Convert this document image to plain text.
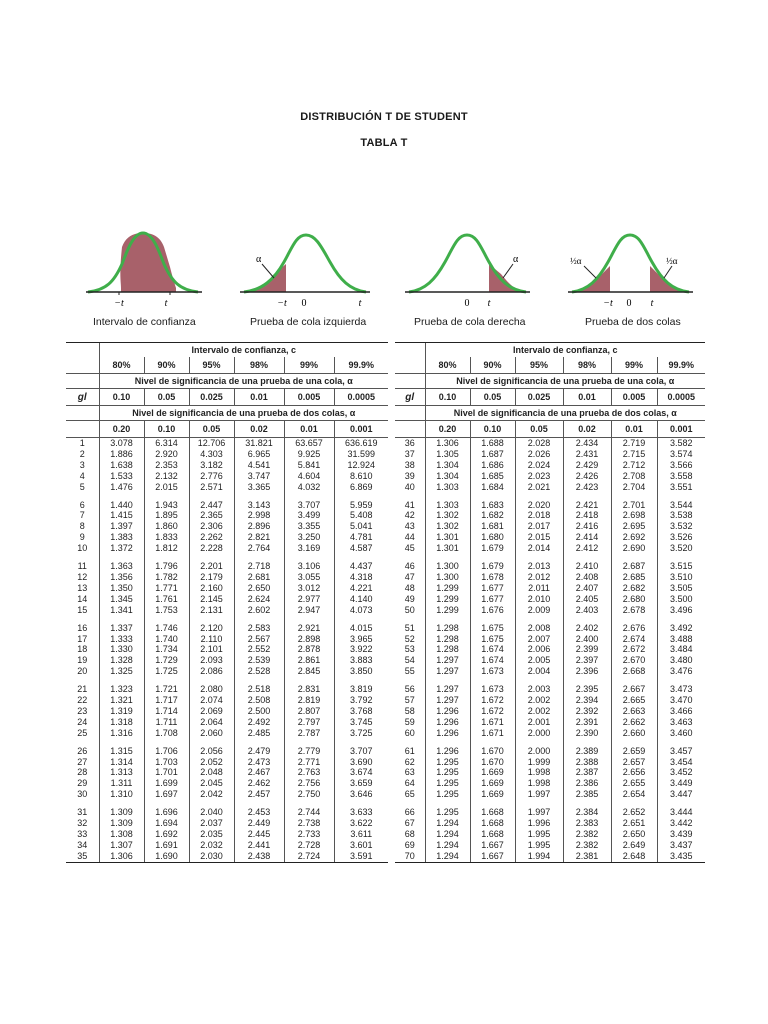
DISTRIBUCIÓN T DE STUDENT
TABLA T
−t	t
Intervalo de confianza
α
−t 0	t
Prueba de cola izquierda
α
0 t
Prueba de cola derecha
½α	½α
−t 0 t
Prueba de dos colas
	Intervalo de confianza, c					
	80%	90%	95%	98%	99%	99.9%
	Nivel de significancia de una prueba de una cola, α					
gl	0.10	0.05	0.025	0.01	0.005	0.0005
	Nivel de significancia de una prueba de dos colas, α					
	0.20	0.10	0.05	0.02	0.01	0.001
1	3.078	6.314	12.706	31.821	63.657	636.619
2	1.886	2.920	4.303	6.965	9.925	31.599
3	1.638	2.353	3.182	4.541	5.841	12.924
4	1.533	2.132	2.776	3.747	4.604	8.610
5	1.476	2.015	2.571	3.365	4.032	6.869

6	1.440	1.943	2.447	3.143	3.707	5.959
7	1.415	1.895	2.365	2.998	3.499	5.408
8	1.397	1.860	2.306	2.896	3.355	5.041
9	1.383	1.833	2.262	2.821	3.250	4.781
10	1.372	1.812	2.228	2.764	3.169	4.587

11	1.363	1.796	2.201	2.718	3.106	4.437
12	1.356	1.782	2.179	2.681	3.055	4.318
13	1.350	1.771	2.160	2.650	3.012	4.221
14	1.345	1.761	2.145	2.624	2.977	4.140
15	1.341	1.753	2.131	2.602	2.947	4.073

16	1.337	1.746	2.120	2.583	2.921	4.015
17	1.333	1.740	2.110	2.567	2.898	3.965
18	1.330	1.734	2.101	2.552	2.878	3.922
19	1.328	1.729	2.093	2.539	2.861	3.883
20	1.325	1.725	2.086	2.528	2.845	3.850

21	1.323	1.721	2.080	2.518	2.831	3.819
22	1.321	1.717	2.074	2.508	2.819	3.792
23	1.319	1.714	2.069	2.500	2.807	3.768
24	1.318	1.711	2.064	2.492	2.797	3.745
25	1.316	1.708	2.060	2.485	2.787	3.725

26	1.315	1.706	2.056	2.479	2.779	3.707
27	1.314	1.703	2.052	2.473	2.771	3.690
28	1.313	1.701	2.048	2.467	2.763	3.674
29	1.311	1.699	2.045	2.462	2.756	3.659
30	1.310	1.697	2.042	2.457	2.750	3.646

31	1.309	1.696	2.040	2.453	2.744	3.633
32	1.309	1.694	2.037	2.449	2.738	3.622
33	1.308	1.692	2.035	2.445	2.733	3.611
34	1.307	1.691	2.032	2.441	2.728	3.601
35	1.306	1.690	2.030	2.438	2.724	3.591
	Intervalo de confianza, c					
	80%	90%	95%	98%	99%	99.9%
	Nivel de significancia de una prueba de una cola, α					
gl	0.10	0.05	0.025	0.01	0.005	0.0005
	Nivel de significancia de una prueba de dos colas, α					
	0.20	0.10	0.05	0.02	0.01	0.001
36	1.306	1.688	2.028	2.434	2.719	3.582
37	1.305	1.687	2.026	2.431	2.715	3.574
38	1.304	1.686	2.024	2.429	2.712	3.566
39	1.304	1.685	2.023	2.426	2.708	3.558
40	1.303	1.684	2.021	2.423	2.704	3.551

41	1.303	1.683	2.020	2.421	2.701	3.544
42	1.302	1.682	2.018	2.418	2.698	3.538
43	1.302	1.681	2.017	2.416	2.695	3.532
44	1.301	1.680	2.015	2.414	2.692	3.526
45	1.301	1.679	2.014	2.412	2.690	3.520

46	1.300	1.679	2.013	2.410	2.687	3.515
47	1.300	1.678	2.012	2.408	2.685	3.510
48	1.299	1.677	2.011	2.407	2.682	3.505
49	1.299	1.677	2.010	2.405	2.680	3.500
50	1.299	1.676	2.009	2.403	2.678	3.496

51	1.298	1.675	2.008	2.402	2.676	3.492
52	1.298	1.675	2.007	2.400	2.674	3.488
53	1.298	1.674	2.006	2.399	2.672	3.484
54	1.297	1.674	2.005	2.397	2.670	3.480
55	1.297	1.673	2.004	2.396	2.668	3.476

56	1.297	1.673	2.003	2.395	2.667	3.473
57	1.297	1.672	2.002	2.394	2.665	3.470
58	1.296	1.672	2.002	2.392	2.663	3.466
59	1.296	1.671	2.001	2.391	2.662	3.463
60	1.296	1.671	2.000	2.390	2.660	3.460

61	1.296	1.670	2.000	2.389	2.659	3.457
62	1.295	1.670	1.999	2.388	2.657	3.454
63	1.295	1.669	1.998	2.387	2.656	3.452
64	1.295	1.669	1.998	2.386	2.655	3.449
65	1.295	1.669	1.997	2.385	2.654	3.447

66	1.295	1.668	1.997	2.384	2.652	3.444
67	1.294	1.668	1.996	2.383	2.651	3.442
68	1.294	1.668	1.995	2.382	2.650	3.439
69	1.294	1.667	1.995	2.382	2.649	3.437
70	1.294	1.667	1.994	2.381	2.648	3.435
